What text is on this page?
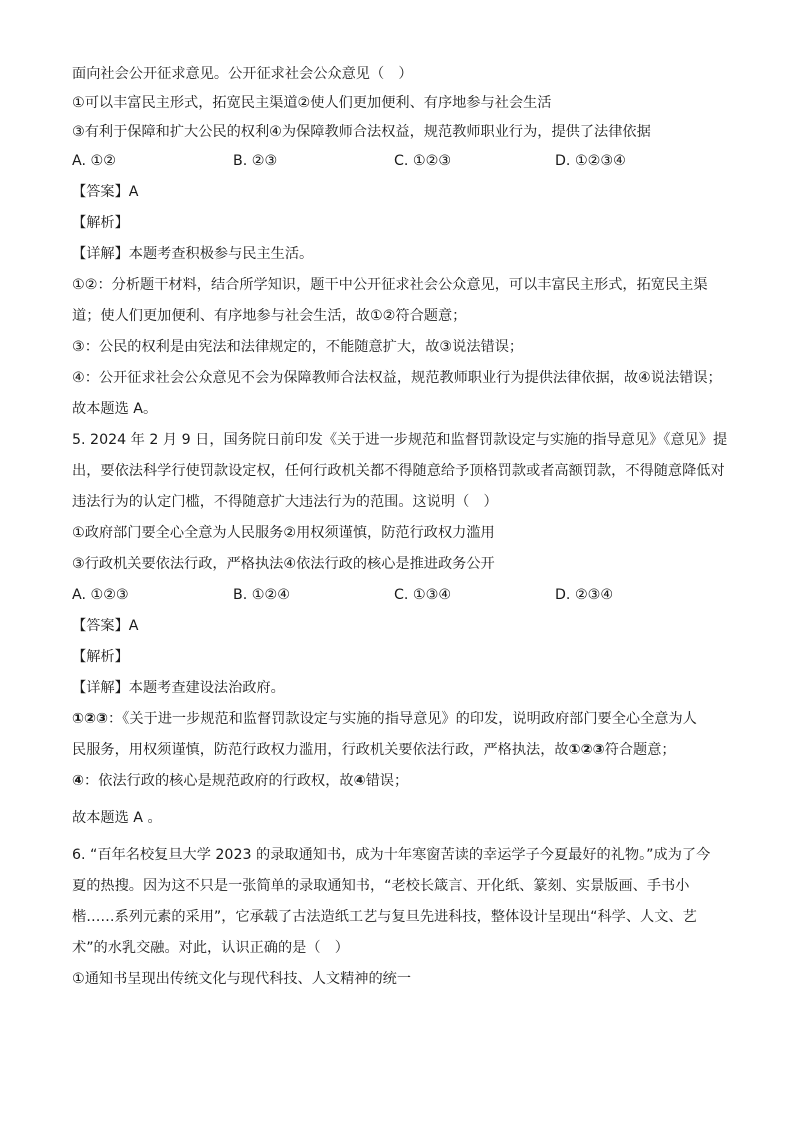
面向社会公开征求意见。公开征求社会公众意见（　）
①可以丰富民主形式，拓宽民主渠道②使人们更加便利、有序地参与社会生活
③有利于保障和扩大公民的权利④为保障教师合法权益，规范教师职业行为，提供了法律依据
A. ①②	B. ②③	C. ①②③	D. ①②③④
【答案】A
【解析】
【详解】本题考查积极参与民主生活。
①②：分析题干材料，结合所学知识，题干中公开征求社会公众意见，可以丰富民主形式，拓宽民主渠
道；使人们更加便利、有序地参与社会生活，故①②符合题意；
③：公民的权利是由宪法和法律规定的，不能随意扩大，故③说法错误；
④：公开征求社会公众意见不会为保障教师合法权益，规范教师职业行为提供法律依据，故④说法错误；
故本题选 A。
5. 2024 年 2 月 9 日，国务院日前印发《关于进一步规范和监督罚款设定与实施的指导意见》《意见》提
出，要依法科学行使罚款设定权，任何行政机关都不得随意给予顶格罚款或者高额罚款，不得随意降低对
违法行为的认定门槛，不得随意扩大违法行为的范围。这说明（　）
①政府部门要全心全意为人民服务②用权须谨慎，防范行政权力滥用
③行政机关要依法行政，严格执法④依法行政的核心是推进政务公开
A. ①②③	B. ①②④	C. ①③④	D. ②③④
【答案】A
【解析】
【详解】本题考查建设法治政府。
①②③：《关于进一步规范和监督罚款设定与实施的指导意见》的印发，说明政府部门要全心全意为人
民服务，用权须谨慎，防范行政权力滥用，行政机关要依法行政，严格执法，故①②③符合题意；
④：依法行政的核心是规范政府的行政权，故④错误；
故本题选 A 。
6. “百年名校复旦大学 2023 的录取通知书，成为十年寒窗苦读的幸运学子今夏最好的礼物。”成为了今
夏的热搜。因为这不只是一张简单的录取通知书，“老校长箴言、开化纸、篆刻、实景版画、手书小
楷……系列元素的采用”，它承载了古法造纸工艺与复旦先进科技，整体设计呈现出“科学、人文、艺
术”的水乳交融。对此，认识正确的是（　）
①通知书呈现出传统文化与现代科技、人文精神的统一
